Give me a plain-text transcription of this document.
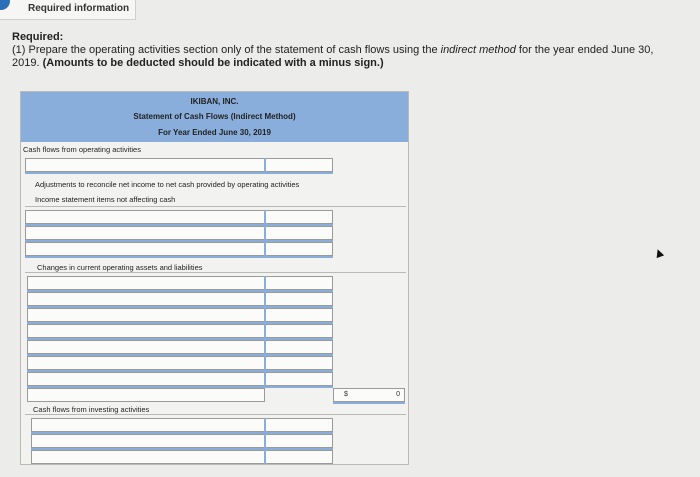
Required information
Required:
(1) Prepare the operating activities section only of the statement of cash flows using the indirect method for the year ended June 30,
2019. (Amounts to be deducted should be indicated with a minus sign.)
IKIBAN, INC.
Statement of Cash Flows (Indirect Method)
For Year Ended June 30, 2019
Cash flows from operating activities
Adjustments to reconcile net income to net cash provided by operating activities
Income statement items not affecting cash
Changes in current operating assets and liabilities
$	0
Cash flows from investing activities
